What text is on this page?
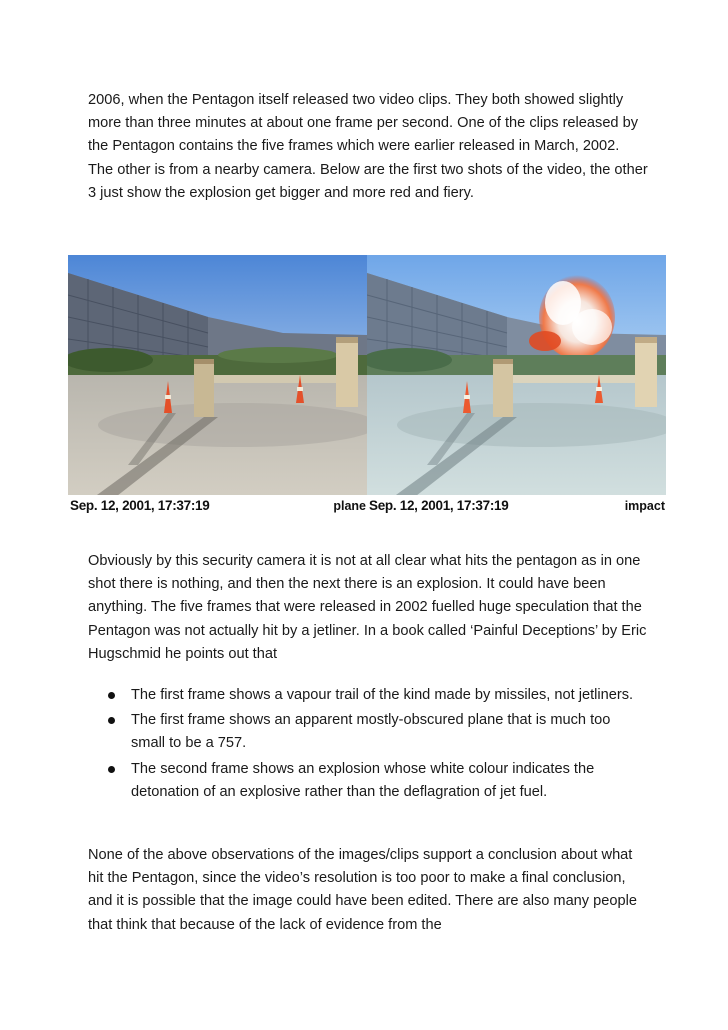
2006, when the Pentagon itself released two video clips. They both showed slightly more than three minutes at about one frame per second. One of the clips released by the Pentagon contains the five frames which were earlier released in March, 2002. The other is from a nearby camera. Below are the first two shots of the video, the other 3 just show the explosion get bigger and more red and fiery.

Sep. 12, 2001, 17:37:19	plane Sep. 12, 2001, 17:37:19	impact

Obviously by this security camera it is not at all clear what hits the pentagon as in one shot there is nothing, and then the next there is an explosion. It could have been anything. The five frames that were released in 2002 fuelled huge speculation that the Pentagon was not actually hit by a jetliner. In a book called ‘Painful Deceptions’ by Eric Hugschmid he points out that

The first frame shows a vapour trail of the kind made by missiles, not jetliners.
The first frame shows an apparent mostly-obscured plane that is much too small to be a 757.
The second frame shows an explosion whose white colour indicates the detonation of an explosive rather than the deflagration of jet fuel.

None of the above observations of the images/clips support a conclusion about what hit the Pentagon, since the video’s resolution is too poor to make a final conclusion, and it is possible that the image could have been edited. There are also many people that think that because of the lack of evidence from the
